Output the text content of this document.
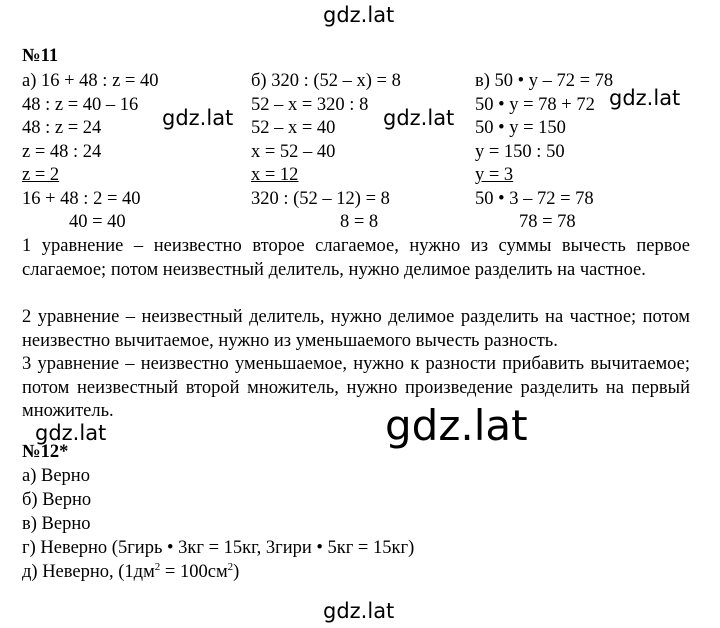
gdz.lat
gdz.lat	gdz.lat
gdz.lat
gdz.lat
gdz.lat
gdz.lat
№11
а) 16 + 48 : z = 40
48 : z = 40 – 16
48 : z = 24
z = 48 : 24
z = 2
16 + 48 : 2 = 40
40 = 40
б) 320 : (52 – x) = 8
52 – x = 320 : 8
52 – x = 40
x = 52 – 40
x = 12
320 : (52 – 12) = 8
8 = 8
в) 50 • y – 72 = 78
50 • y = 78 + 72
50 • y = 150
y = 150 : 50
y = 3
50 • 3 – 72 = 78
78 = 78
1 уравнение – неизвестно второе слагаемое, нужно из суммы вычесть первое слагаемое; потом неизвестный делитель, нужно делимое разделить на частное.
2 уравнение – неизвестный делитель, нужно делимое разделить на частное; потом неизвестно вычитаемое, нужно из уменьшаемого вычесть разность.
3 уравнение – неизвестно уменьшаемое, нужно к разности прибавить вычитаемое; потом неизвестный второй множитель, нужно произведение разделить на первый множитель.
№12*
а) Верно
б) Верно
в) Верно
г) Неверно (5гирь • 3кг = 15кг, 3гири • 5кг = 15кг)
д) Неверно, $(1дм^2 = 100см^2)$
